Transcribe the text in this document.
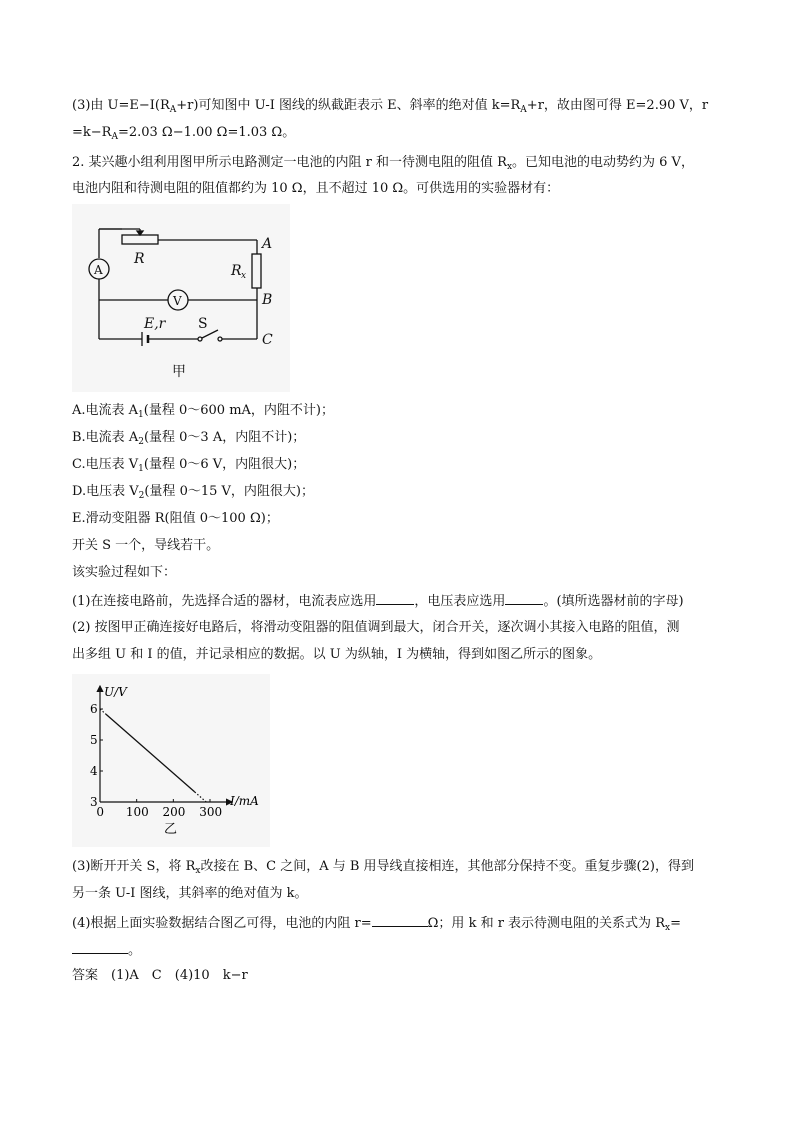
(3)由 $U=E-I(R_A+r)$可知图中 U-I 图线的纵截距表示 E、斜率的绝对值 $k=R_A+r$，故由图可得 E=2.90 V，r
$=k-R_A=2.03$ Ω−1.00 Ω=1.03 Ω。
2. 某兴趣小组利用图甲所示电路测定一电池的内阻 r 和一待测电阻的阻值 $R_x$。已知电池的电动势约为 6 V，
电池内阻和待测电阻的阻值都约为 10 Ω，且不超过 10 Ω。可供选用的实验器材有：
A
V
R
R x
A
B
C
E,r S
甲
A.电流表 $A_1$(量程 0～600 mA，内阻不计)；
B.电流表 $A_2$(量程 0～3 A，内阻不计)；
C.电压表 $V_1$(量程 0～6 V，内阻很大)；
D.电压表 $V_2$(量程 0～15 V，内阻很大)；
E.滑动变阻器 R(阻值 0～100 Ω)；
开关 S 一个，导线若干。
该实验过程如下：
(1)在连接电路前，先选择合适的器材，电流表应选用	，电压表应选用	。(填所选器材前的字母)
(2) 按图甲正确连接好电路后，将滑动变阻器的阻值调到最大，闭合开关，逐次调小其接入电路的阻值，测
出多组 U 和 I 的值，并记录相应的数据。以 U 为纵轴，I 为横轴，得到如图乙所示的图象。
U/V
I/mA
乙
0 100 200 300
3
4
5
6
(3)断开开关 S，将 $R_x$改接在 B、C 之间，A 与 B 用导线直接相连，其他部分保持不变。重复步骤(2)，得到
另一条 U-I 图线，其斜率的绝对值为 k。
(4)根据上面实验数据结合图乙可得，电池的内阻 r=	Ω；用 k 和 r 表示待测电阻的关系式为 $R_x=$
。
答案　(1)A　C　(4)10　k−r
